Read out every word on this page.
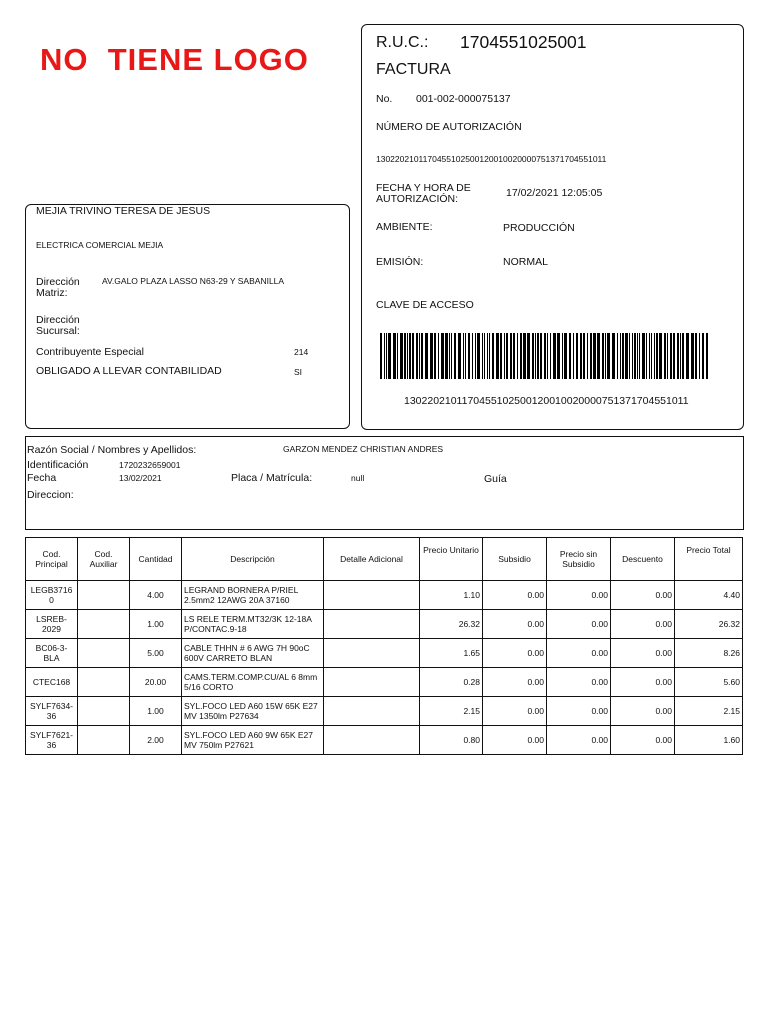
NO  TIENE LOGO	R.U.C.: 1704551025001
FACTURA
No. 001-002-000075137
NÚMERO DE AUTORIZACIÓN
1302202101170455102500120010020000751371704551011
FECHA Y HORA DE
AUTORIZACIÓN:	17/02/2021 12:05:05
AMBIENTE:	PRODUCCIÓN
EMISIÓN:	NORMAL
CLAVE DE ACCESO
1302202101170455102500120010020000751371704551011
MEJIA TRIVINO TERESA DE JESUS
ELECTRICA COMERCIAL MEJIA
Dirección
Matriz:
AV.GALO PLAZA LASSO N63-29 Y SABANILLA
Dirección
Sucursal:
Contribuyente Especial	214
OBLIGADO A LLEVAR CONTABILIDAD	SI
Razón Social / Nombres y Apellidos:	GARZON MENDEZ CHRISTIAN ANDRES
Identificación	1720232659001
Fecha	13/02/2021	Placa / Matrícula:	null	Guía
Direccion:
Cod. Principal	Cod. Auxiliar	Cantidad	Descripción	Detalle Adicional	Precio Unitario	Subsidio	Precio sin Subsidio	Descuento	Precio Total
LEGB3716 0		4.00	LEGRAND BORNERA P/RIEL 2.5mm2 12AWG 20A 37160		1.10	0.00	0.00	0.00	4.40
LSREB- 2029		1.00	LS RELE TERM.MT32/3K 12-18A P/CONTAC.9-18		26.32	0.00	0.00	0.00	26.32
BC06-3- BLA		5.00	CABLE THHN # 6 AWG 7H 90oC 600V CARRETO BLAN		1.65	0.00	0.00	0.00	8.26
CTEC168		20.00	CAMS.TERM.COMP.CU/AL 6 8mm 5/16 CORTO		0.28	0.00	0.00	0.00	5.60
SYLF7634- 36		1.00	SYL.FOCO LED A60 15W 65K E27 MV 1350lm P27634		2.15	0.00	0.00	0.00	2.15
SYLF7621- 36		2.00	SYL.FOCO LED A60 9W 65K E27 MV 750lm P27621		0.80	0.00	0.00	0.00	1.60
